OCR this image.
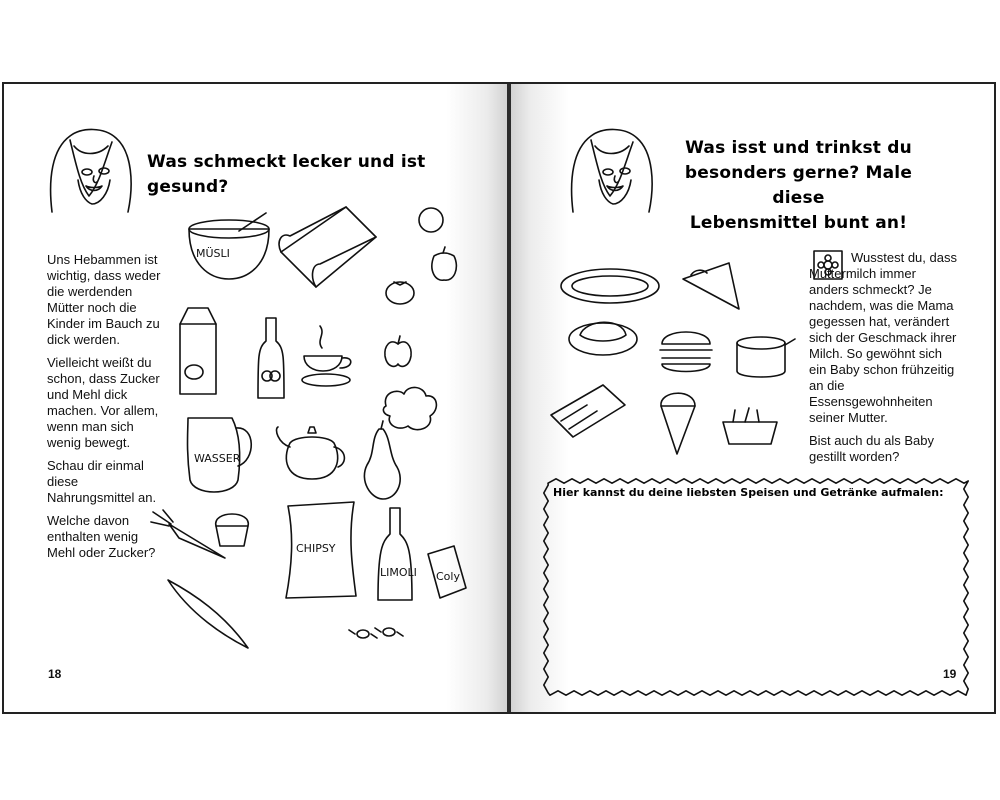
Was schmeckt lecker und ist gesund?

Uns Hebammen ist wichtig, dass weder die werdenden Mütter noch die Kinder im Bauch zu dick werden.

Vielleicht weißt du schon, dass Zucker und Mehl dick machen. Vor allem, wenn man sich wenig bewegt.

Schau dir einmal diese Nahrungsmittel an.

Welche davon enthalten wenig Mehl oder Zucker?

MÜSLI
WASSER
CHIPSY
LIMOLI Coly
18
Was isst und trinkst du
besonders gerne? Male diese
Lebensmittel bunt an!

Wusstest du, dass Muttermilch immer anders schmeckt? Je nachdem, was die Mama gegessen hat, verändert sich der Geschmack ihrer Milch. So gewöhnt sich ein Baby schon frühzeitig an die Essensgewohnheiten seiner Mutter.

Bist auch du als Baby gestillt worden?

Hier kannst du deine liebsten Speisen und Getränke aufmalen:
19
